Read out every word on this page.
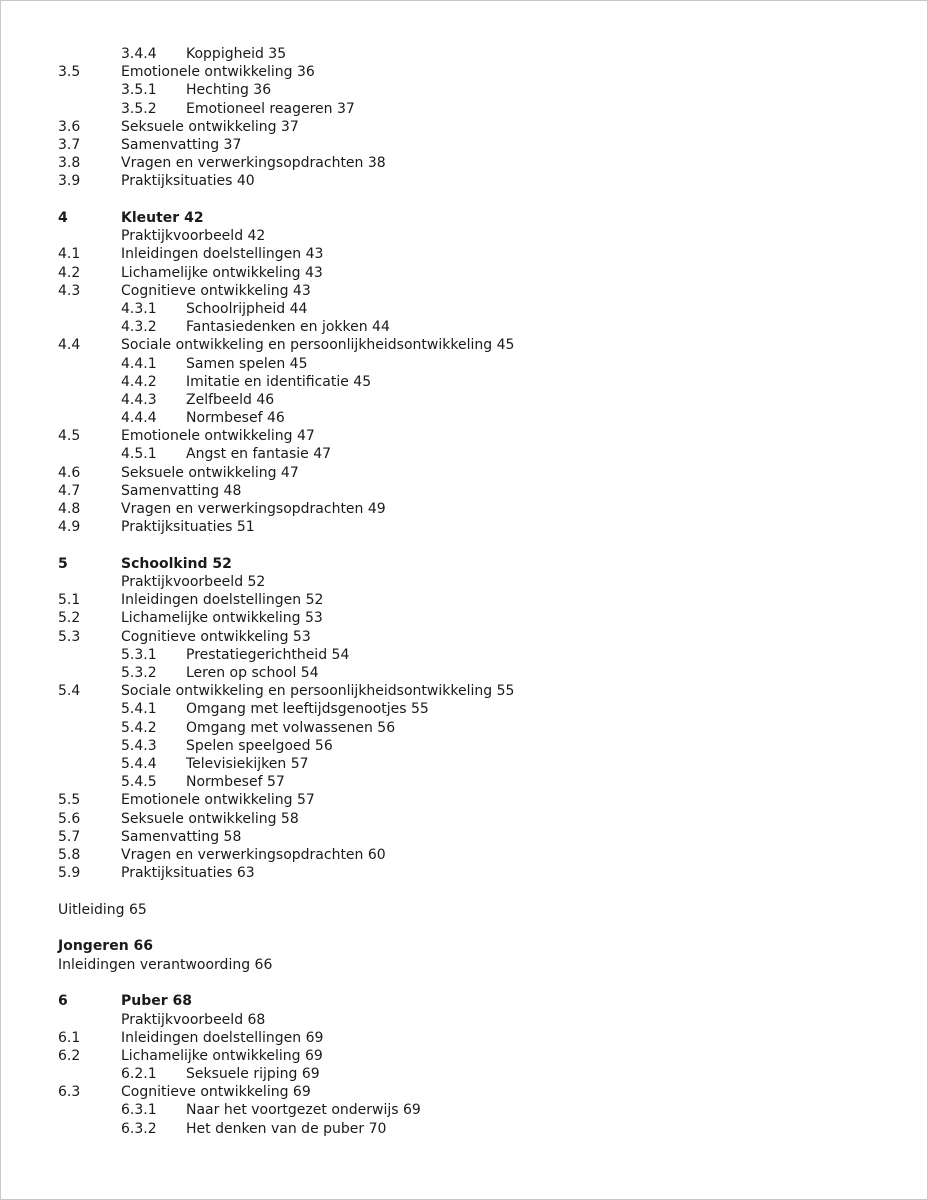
3.4.4 Koppigheid 35
3.5	Emotionele ontwikkeling 36
3.5.1 Hechting 36
3.5.2 Emotioneel reageren 37
3.6	Seksuele ontwikkeling 37
3.7	Samenvatting 37
3.8	Vragen en verwerkingsopdrachten 38
3.9	Praktijksituaties 40
4	Kleuter 42
Praktijkvoorbeeld 42
4.1	Inleidingen doelstellingen 43
4.2	Lichamelijke ontwikkeling 43
4.3	Cognitieve ontwikkeling 43
4.3.1 Schoolrijpheid 44
4.3.2 Fantasiedenken en jokken 44
4.4	Sociale ontwikkeling en persoonlijkheidsontwikkeling 45
4.4.1 Samen spelen 45
4.4.2 Imitatie en identificatie 45
4.4.3 Zelfbeeld 46
4.4.4 Normbesef 46
4.5	Emotionele ontwikkeling 47
4.5.1 Angst en fantasie 47
4.6	Seksuele ontwikkeling 47
4.7	Samenvatting 48
4.8	Vragen en verwerkingsopdrachten 49
4.9	Praktijksituaties 51
5	Schoolkind 52
Praktijkvoorbeeld 52
5.1	Inleidingen doelstellingen 52
5.2	Lichamelijke ontwikkeling 53
5.3	Cognitieve ontwikkeling 53
5.3.1 Prestatiegerichtheid 54
5.3.2 Leren op school 54
5.4	Sociale ontwikkeling en persoonlijkheidsontwikkeling 55
5.4.1 Omgang met leeftijdsgenootjes 55
5.4.2 Omgang met volwassenen 56
5.4.3 Spelen speelgoed 56
5.4.4 Televisiekijken 57
5.4.5 Normbesef 57
5.5	Emotionele ontwikkeling 57
5.6	Seksuele ontwikkeling 58
5.7	Samenvatting 58
5.8	Vragen en verwerkingsopdrachten 60
5.9	Praktijksituaties 63
Uitleiding 65
Jongeren 66
Inleidingen verantwoording 66
6	Puber 68
Praktijkvoorbeeld 68
6.1	Inleidingen doelstellingen 69
6.2	Lichamelijke ontwikkeling 69
6.2.1 Seksuele rijping 69
6.3	Cognitieve ontwikkeling 69
6.3.1 Naar het voortgezet onderwijs 69
6.3.2 Het denken van de puber 70
